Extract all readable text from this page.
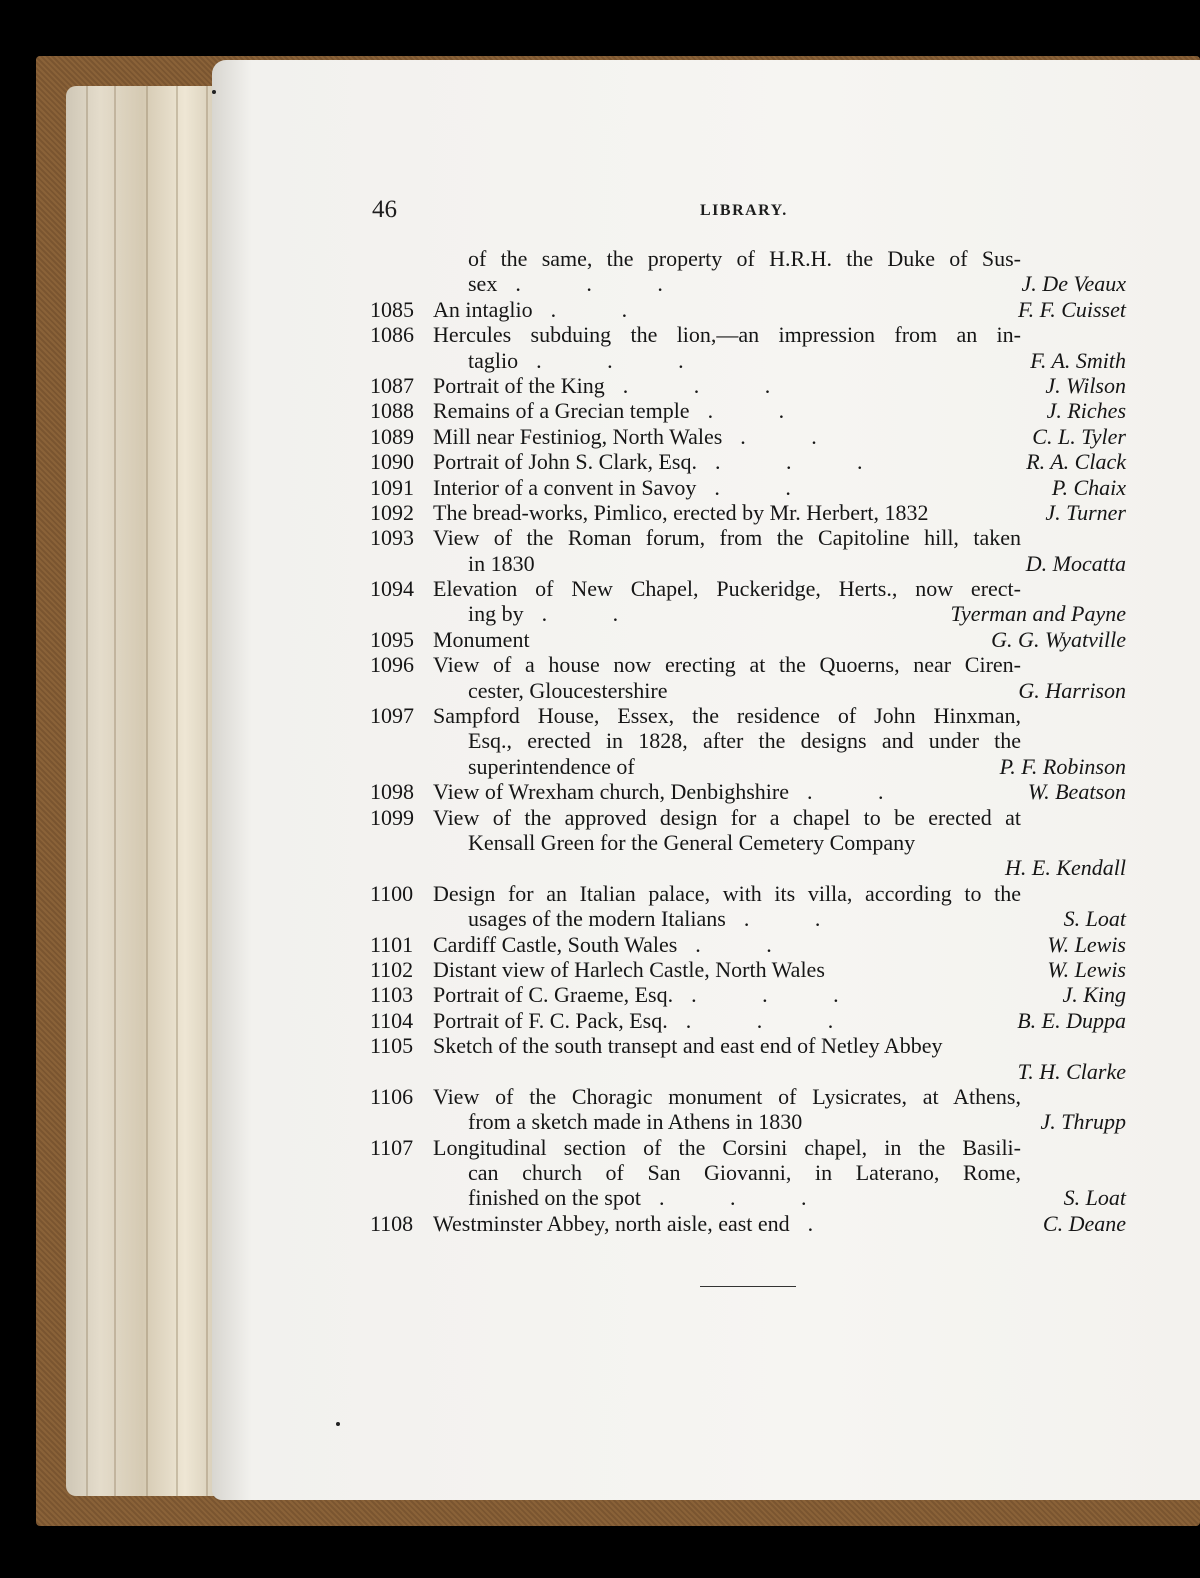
46	LIBRARY.
of the same, the property of H.R.H. the Duke of Sus-
sex . . .	J. De Veaux
1085 An intaglio . .	F. F. Cuisset
1086 Hercules subduing the lion,—an impression from an in-
taglio . . .	F. A. Smith
1087 Portrait of the King . . .	J. Wilson
1088 Remains of a Grecian temple . .	J. Riches
1089 Mill near Festiniog, North Wales . .	C. L. Tyler
1090 Portrait of John S. Clark, Esq. . . .	R. A. Clack
1091 Interior of a convent in Savoy . .	P. Chaix
1092 The bread-works, Pimlico, erected by Mr. Herbert, 1832	J. Turner
1093 View of the Roman forum, from the Capitoline hill, taken
in 1830	D. Mocatta
1094 Elevation of New Chapel, Puckeridge, Herts., now erect-
ing by . .	Tyerman and Payne
1095 Monument	G. G. Wyatville
1096 View of a house now erecting at the Quoerns, near Ciren-
cester, Gloucestershire	G. Harrison
1097 Sampford House, Essex, the residence of John Hinxman,
Esq., erected in 1828, after the designs and under the
superintendence of	P. F. Robinson
1098 View of Wrexham church, Denbighshire . .	W. Beatson
1099 View of the approved design for a chapel to be erected at
Kensall Green for the General Cemetery Company
H. E. Kendall
1100 Design for an Italian palace, with its villa, according to the
usages of the modern Italians . .	S. Loat
1101 Cardiff Castle, South Wales . .	W. Lewis
1102 Distant view of Harlech Castle, North Wales	W. Lewis
1103 Portrait of C. Graeme, Esq. . . .	J. King
1104 Portrait of F. C. Pack, Esq. . . .	B. E. Duppa
1105 Sketch of the south transept and east end of Netley Abbey
T. H. Clarke
1106 View of the Choragic monument of Lysicrates, at Athens,
from a sketch made in Athens in 1830	J. Thrupp
1107 Longitudinal section of the Corsini chapel, in the Basili-
can church of San Giovanni, in Laterano, Rome,
finished on the spot . . .	S. Loat
1108 Westminster Abbey, north aisle, east end .	C. Deane
